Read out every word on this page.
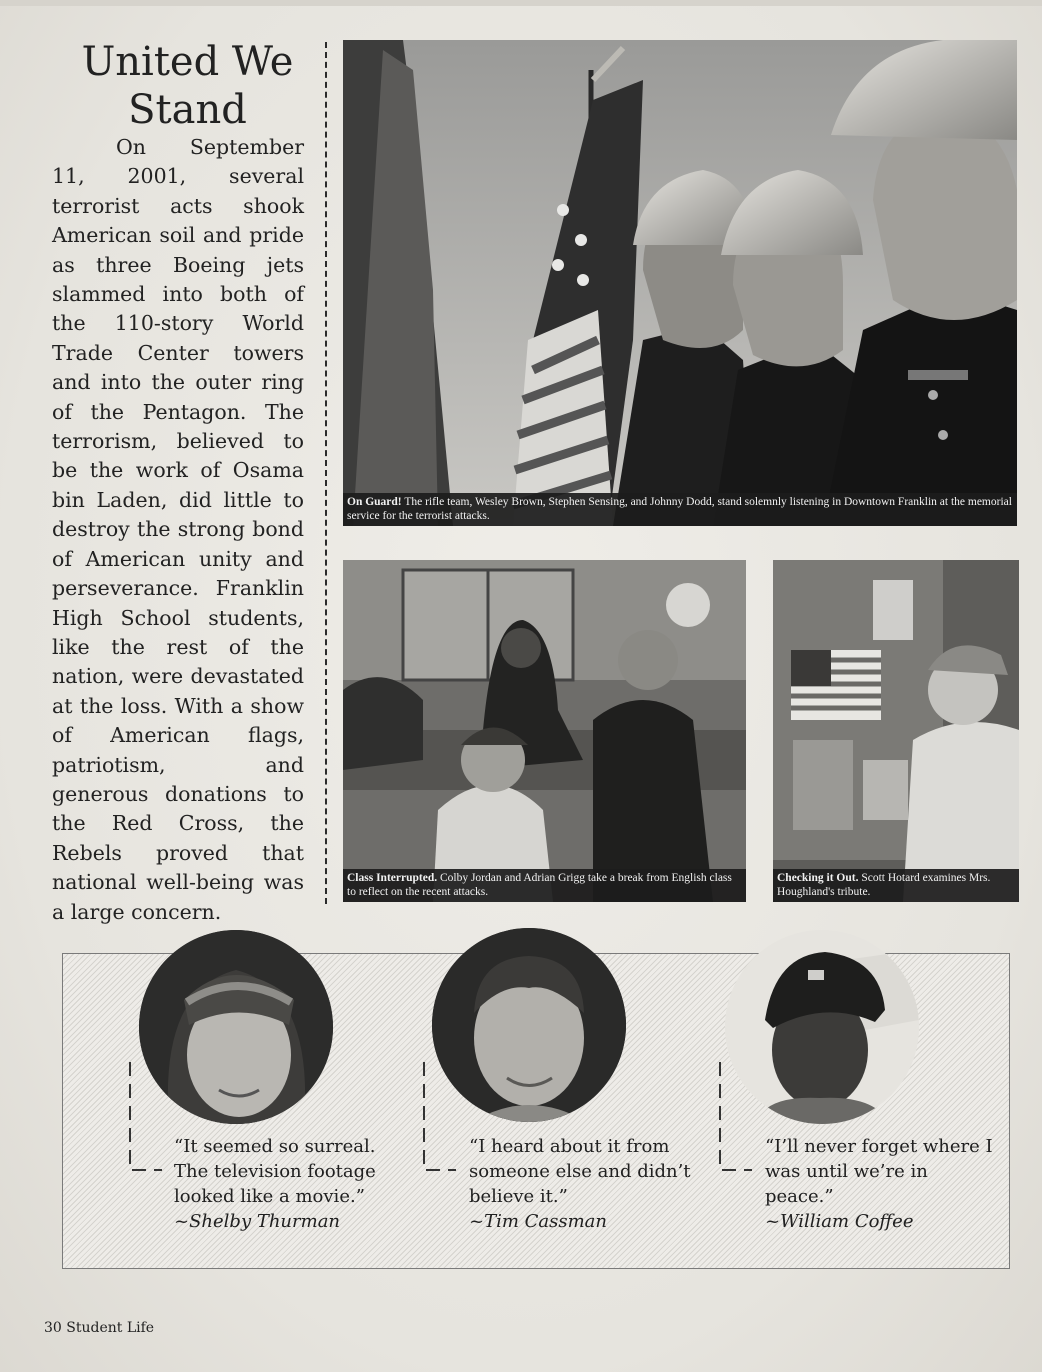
United We
Stand

On September 11, 2001, several terrorist acts shook American soil and pride as three Boeing jets slammed into both of the 110-story World Trade Center towers and into the outer ring of the Pentagon. The terrorism, believed to be the work of Osama bin Laden, did little to destroy the strong bond of American unity and perseverance. Franklin High School students, like the rest of the nation, were devastated at the loss. With a show of American flags, patriotism, and generous donations to the Red Cross, the Rebels proved that national well-being was a large concern.

On Guard! The rifle team, Wesley Brown, Stephen Sensing, and Johnny Dodd, stand solemnly listening in Downtown Franklin at the memorial service for the terrorist attacks.
Class Interrupted. Colby Jordan and Adrian Grigg take a break from English class to reflect on the recent attacks.
Checking it Out. Scott Hotard examines Mrs. Houghland's tribute.
“It seemed so surreal. The television footage looked like a movie.”
~Shelby Thurman
“I heard about it from someone else and didn’t believe it.”
~Tim Cassman
“I’ll never forget where I was until we’re in peace.”
~William Coffee
30 Student Life
